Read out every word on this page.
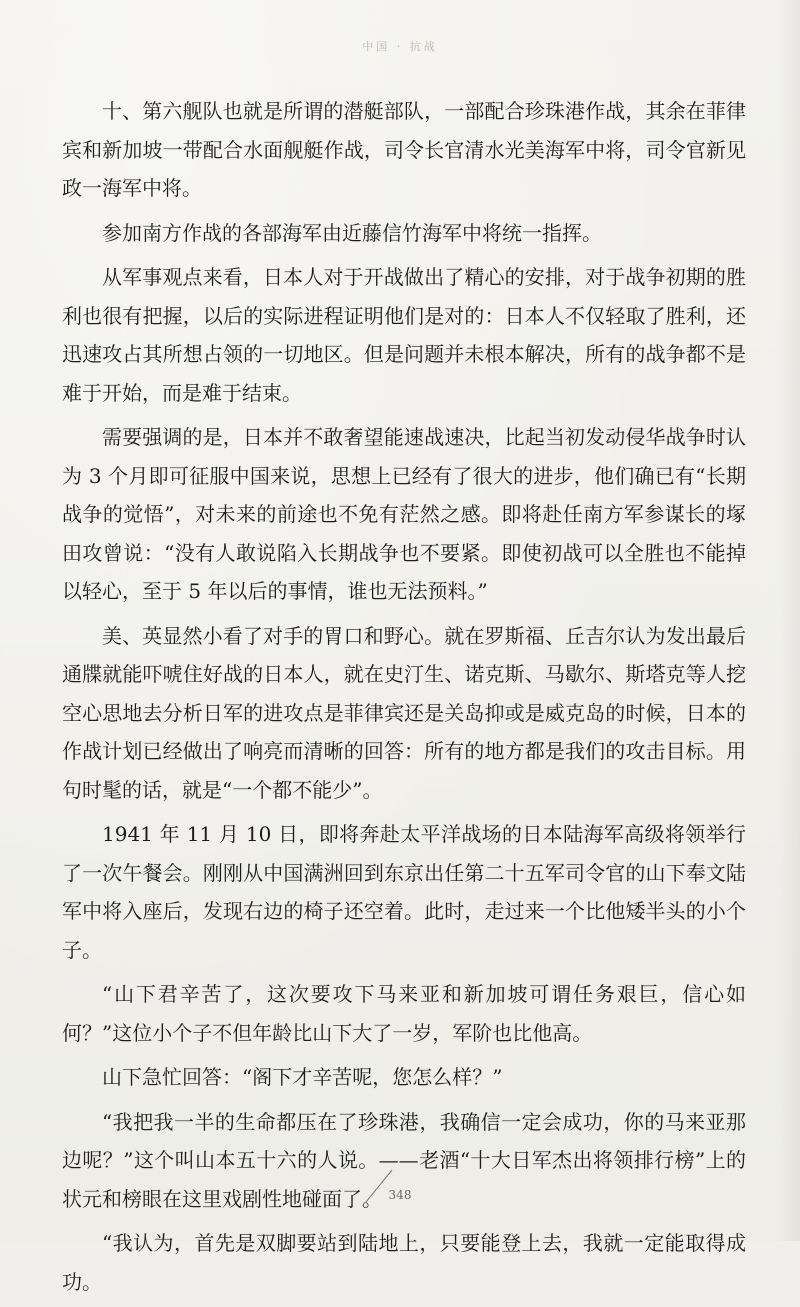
中国 · 抗战

十、第六舰队也就是所谓的潜艇部队，一部配合珍珠港作战，其余在菲律宾和新加坡一带配合水面舰艇作战，司令长官清水光美海军中将，司令官新见政一海军中将。

参加南方作战的各部海军由近藤信竹海军中将统一指挥。

从军事观点来看，日本人对于开战做出了精心的安排，对于战争初期的胜利也很有把握，以后的实际进程证明他们是对的：日本人不仅轻取了胜利，还迅速攻占其所想占领的一切地区。但是问题并未根本解决，所有的战争都不是难于开始，而是难于结束。

需要强调的是，日本并不敢奢望能速战速决，比起当初发动侵华战争时认为 3 个月即可征服中国来说，思想上已经有了很大的进步，他们确已有“长期战争的觉悟”，对未来的前途也不免有茫然之感。即将赴任南方军参谋长的塚田攻曾说：“没有人敢说陷入长期战争也不要紧。即使初战可以全胜也不能掉以轻心，至于 5 年以后的事情，谁也无法预料。”

美、英显然小看了对手的胃口和野心。就在罗斯福、丘吉尔认为发出最后通牒就能吓唬住好战的日本人，就在史汀生、诺克斯、马歇尔、斯塔克等人挖空心思地去分析日军的进攻点是菲律宾还是关岛抑或是威克岛的时候，日本的作战计划已经做出了响亮而清晰的回答：所有的地方都是我们的攻击目标。用句时髦的话，就是“一个都不能少”。

1941 年 11 月 10 日，即将奔赴太平洋战场的日本陆海军高级将领举行了一次午餐会。刚刚从中国满洲回到东京出任第二十五军司令官的山下奉文陆军中将入座后，发现右边的椅子还空着。此时，走过来一个比他矮半头的小个子。

“山下君辛苦了，这次要攻下马来亚和新加坡可谓任务艰巨，信心如何？”这位小个子不但年龄比山下大了一岁，军阶也比他高。

山下急忙回答：“阁下才辛苦呢，您怎么样？”

“我把我一半的生命都压在了珍珠港，我确信一定会成功，你的马来亚那边呢？”这个叫山本五十六的人说。——老酒“十大日军杰出将领排行榜”上的状元和榜眼在这里戏剧性地碰面了。

“我认为，首先是双脚要站到陆地上，只要能登上去，我就一定能取得成功。

348
